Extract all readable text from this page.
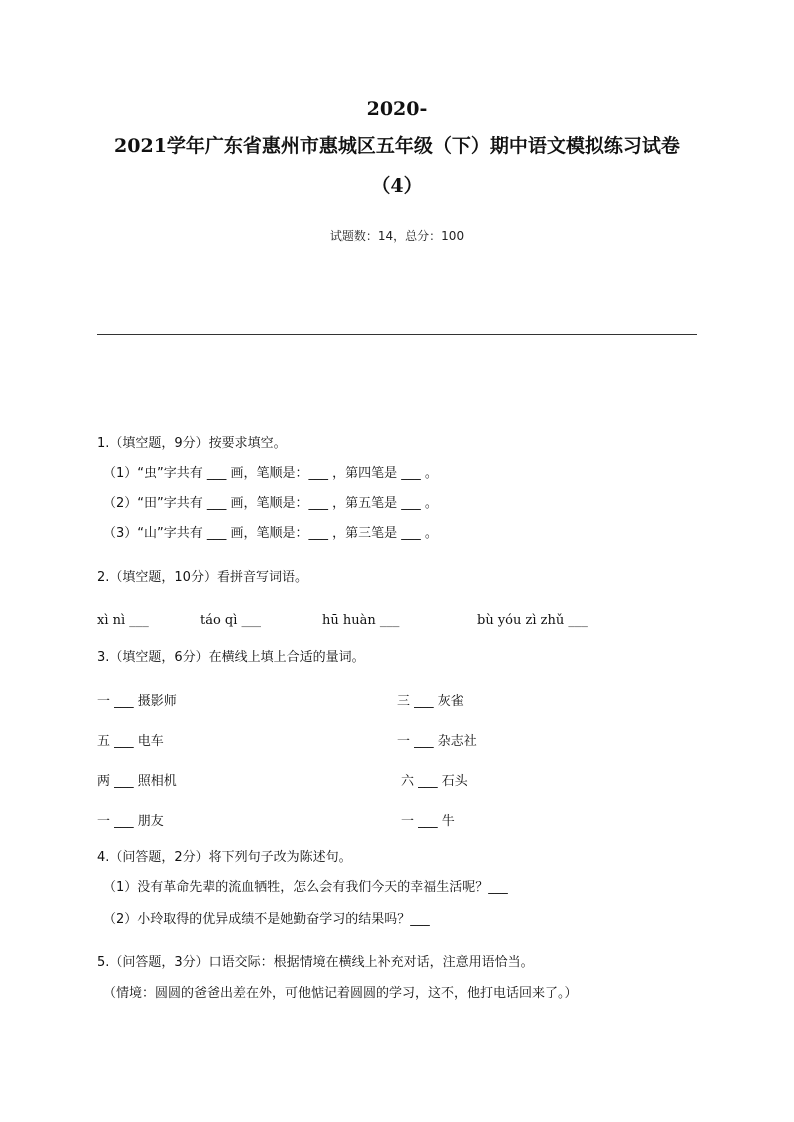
2020-
2021学年广东省惠州市惠城区五年级（下）期中语文模拟练习试卷
（4）
试题数：14，总分：100
1.（填空题，9分）按要求填空。
（1）“虫”字共有 ___ 画，笔顺是：___ ，第四笔是 ___ 。
（2）“田”字共有 ___ 画，笔顺是：___ ，第五笔是 ___ 。
（3）“山”字共有 ___ 画，笔顺是：___ ，第三笔是 ___ 。
2.（填空题，10分）看拼音写词语。
xì nì ___	táo qì ___	hū huàn ___	bù yóu zì zhǔ ___
3.（填空题，6分）在横线上填上合适的量词。
一 ___ 摄影师	三 ___ 灰雀
五 ___ 电车	一 ___ 杂志社
两 ___ 照相机	六 ___ 石头
一 ___ 朋友	一 ___ 牛
4.（问答题，2分）将下列句子改为陈述句。
（1）没有革命先辈的流血牺牲，怎么会有我们今天的幸福生活呢？___
（2）小玲取得的优异成绩不是她勤奋学习的结果吗？___
5.（问答题，3分）口语交际：根据情境在横线上补充对话，注意用语恰当。
（情境：圆圆的爸爸出差在外，可他惦记着圆圆的学习，这不，他打电话回来了。）
